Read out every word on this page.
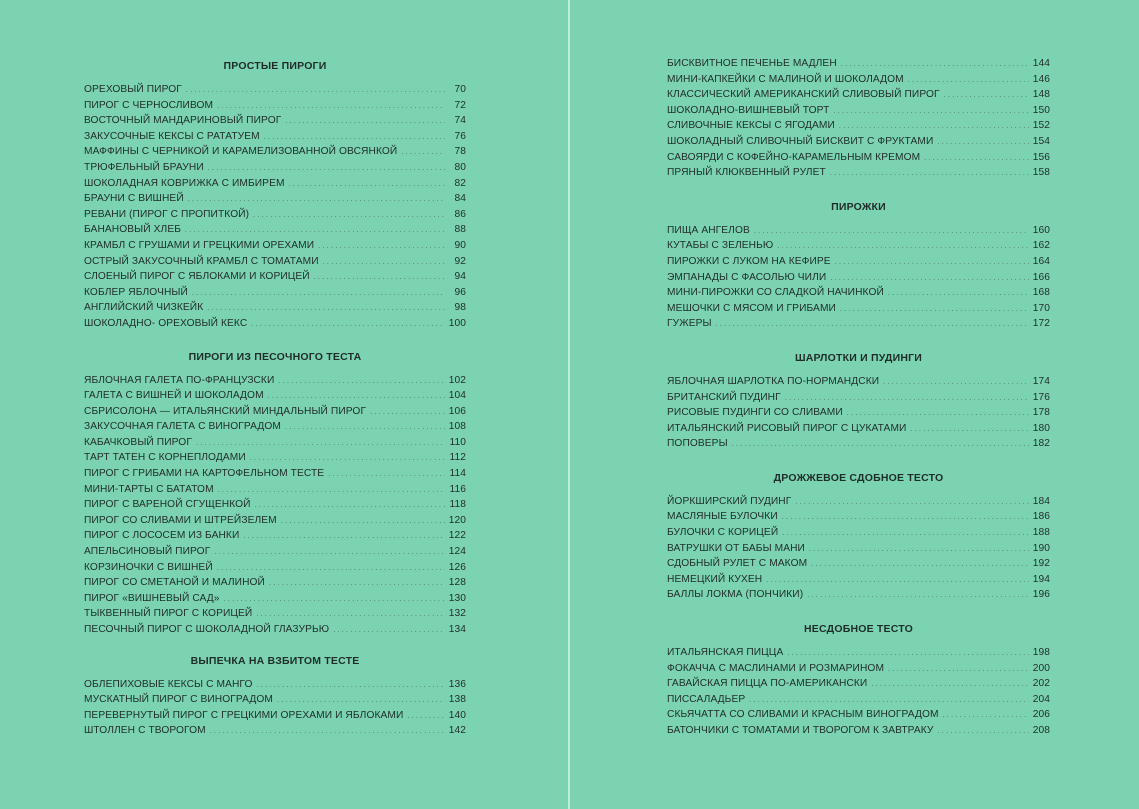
ПРОСТЫЕ ПИРОГИ
ОРЕХОВЫЙ ПИРОГ . . .	70
ПИРОГ С ЧЕРНОСЛИВОМ . . .	72
ВОСТОЧНЫЙ МАНДАРИНОВЫЙ ПИРОГ . . .	74
ЗАКУСОЧНЫЕ КЕКСЫ С РАТАТУЕМ . . .	76
МАФФИНЫ С ЧЕРНИКОЙ И КАРАМЕЛИЗОВАННОЙ ОВСЯНКОЙ . . .	78
ТРЮФЕЛЬНЫЙ БРАУНИ . . .	80
ШОКОЛАДНАЯ КОВРИЖКА С ИМБИРЕМ . . .	82
БРАУНИ С ВИШНЕЙ . . .	84
РЕВАНИ (ПИРОГ С ПРОПИТКОЙ) . . .	86
БАНАНОВЫЙ ХЛЕБ . . .	88
КРАМБЛ С ГРУШАМИ И ГРЕЦКИМИ ОРЕХАМИ . . .	90
ОСТРЫЙ ЗАКУСОЧНЫЙ КРАМБЛ С ТОМАТАМИ . . .	92
СЛОЕНЫЙ ПИРОГ С ЯБЛОКАМИ И КОРИЦЕЙ . . .	94
КОБЛЕР ЯБЛОЧНЫЙ . . .	96
АНГЛИЙСКИЙ ЧИЗКЕЙК . . .	98
ШОКОЛАДНО- ОРЕХОВЫЙ КЕКС . . .	100
ПИРОГИ ИЗ ПЕСОЧНОГО ТЕСТА
ЯБЛОЧНАЯ ГАЛЕТА ПО-ФРАНЦУЗСКИ . . .	102
ГАЛЕТА С ВИШНЕЙ И ШОКОЛАДОМ . . .	104
СБРИСОЛОНА — ИТАЛЬЯНСКИЙ МИНДАЛЬНЫЙ ПИРОГ . . .	106
ЗАКУСОЧНАЯ ГАЛЕТА С ВИНОГРАДОМ . . .	108
КАБАЧКОВЫЙ ПИРОГ . . .	110
ТАРТ ТАТЕН С КОРНЕПЛОДАМИ . . .	112
ПИРОГ С ГРИБАМИ НА КАРТОФЕЛЬНОМ ТЕСТЕ . . .	114
МИНИ-ТАРТЫ С БАТАТОМ . . .	116
ПИРОГ С ВАРЕНОЙ СГУЩЕНКОЙ . . .	118
ПИРОГ СО СЛИВАМИ И ШТРЕЙЗЕЛЕМ . . .	120
ПИРОГ С ЛОСОСЕМ ИЗ БАНКИ . . .	122
АПЕЛЬСИНОВЫЙ ПИРОГ . . .	124
КОРЗИНОЧКИ С ВИШНЕЙ . . .	126
ПИРОГ СО СМЕТАНОЙ И МАЛИНОЙ . . .	128
ПИРОГ «ВИШНЕВЫЙ САД» . . .	130
ТЫКВЕННЫЙ ПИРОГ С КОРИЦЕЙ . . .	132
ПЕСОЧНЫЙ ПИРОГ С ШОКОЛАДНОЙ ГЛАЗУРЬЮ . . .	134
ВЫПЕЧКА НА ВЗБИТОМ ТЕСТЕ
ОБЛЕПИХОВЫЕ КЕКСЫ С МАНГО . . .	136
МУСКАТНЫЙ ПИРОГ С ВИНОГРАДОМ . . .	138
ПЕРЕВЕРНУТЫЙ ПИРОГ С ГРЕЦКИМИ ОРЕХАМИ И ЯБЛОКАМИ . . .	140
ШТОЛЛЕН С ТВОРОГОМ . . .	142
БИСКВИТНОЕ ПЕЧЕНЬЕ МАДЛЕН . . .	144
МИНИ-КАПКЕЙКИ С МАЛИНОЙ И ШОКОЛАДОМ . . .	146
КЛАССИЧЕСКИЙ АМЕРИКАНСКИЙ СЛИВОВЫЙ ПИРОГ . . .	148
ШОКОЛАДНО-ВИШНЕВЫЙ ТОРТ . . .	150
СЛИВОЧНЫЕ КЕКСЫ С ЯГОДАМИ . . .	152
ШОКОЛАДНЫЙ СЛИВОЧНЫЙ БИСКВИТ С ФРУКТАМИ . . .	154
САВОЯРДИ С КОФЕЙНО-КАРАМЕЛЬНЫМ КРЕМОМ . . .	156
ПРЯНЫЙ КЛЮКВЕННЫЙ РУЛЕТ . . .	158
ПИРОЖКИ
ПИЩА АНГЕЛОВ . . .	160
КУТАБЫ С ЗЕЛЕНЬЮ . . .	162
ПИРОЖКИ С ЛУКОМ НА КЕФИРЕ . . .	164
ЭМПАНАДЫ С ФАСОЛЬЮ ЧИЛИ . . .	166
МИНИ-ПИРОЖКИ СО СЛАДКОЙ НАЧИНКОЙ . . .	168
МЕШОЧКИ С МЯСОМ И ГРИБАМИ . . .	170
ГУЖЕРЫ . . .	172
ШАРЛОТКИ И ПУДИНГИ
ЯБЛОЧНАЯ ШАРЛОТКА ПО-НОРМАНДСКИ . . .	174
БРИТАНСКИЙ ПУДИНГ . . .	176
РИСОВЫЕ ПУДИНГИ СО СЛИВАМИ . . .	178
ИТАЛЬЯНСКИЙ РИСОВЫЙ ПИРОГ С ЦУКАТАМИ . . .	180
ПОПОВЕРЫ . . .	182
ДРОЖЖЕВОЕ СДОБНОЕ ТЕСТО
ЙОРКШИРСКИЙ ПУДИНГ . . .	184
МАСЛЯНЫЕ БУЛОЧКИ . . .	186
БУЛОЧКИ С КОРИЦЕЙ . . .	188
ВАТРУШКИ ОТ БАБЫ МАНИ . . .	190
СДОБНЫЙ РУЛЕТ С МАКОМ . . .	192
НЕМЕЦКИЙ КУХЕН . . .	194
БАЛЛЫ ЛОКМА (ПОНЧИКИ) . . .	196
НЕСДОБНОЕ ТЕСТО
ИТАЛЬЯНСКАЯ ПИЦЦА . . .	198
ФОКАЧЧА С МАСЛИНАМИ И РОЗМАРИНОМ . . .	200
ГАВАЙСКАЯ ПИЦЦА ПО-АМЕРИКАНСКИ . . .	202
ПИССАЛАДЬЕР . . .	204
СКЬЯЧАТТА СО СЛИВАМИ И КРАСНЫМ ВИНОГРАДОМ . . .	206
БАТОНЧИКИ С ТОМАТАМИ И ТВОРОГОМ К ЗАВТРАКУ . . .	208
